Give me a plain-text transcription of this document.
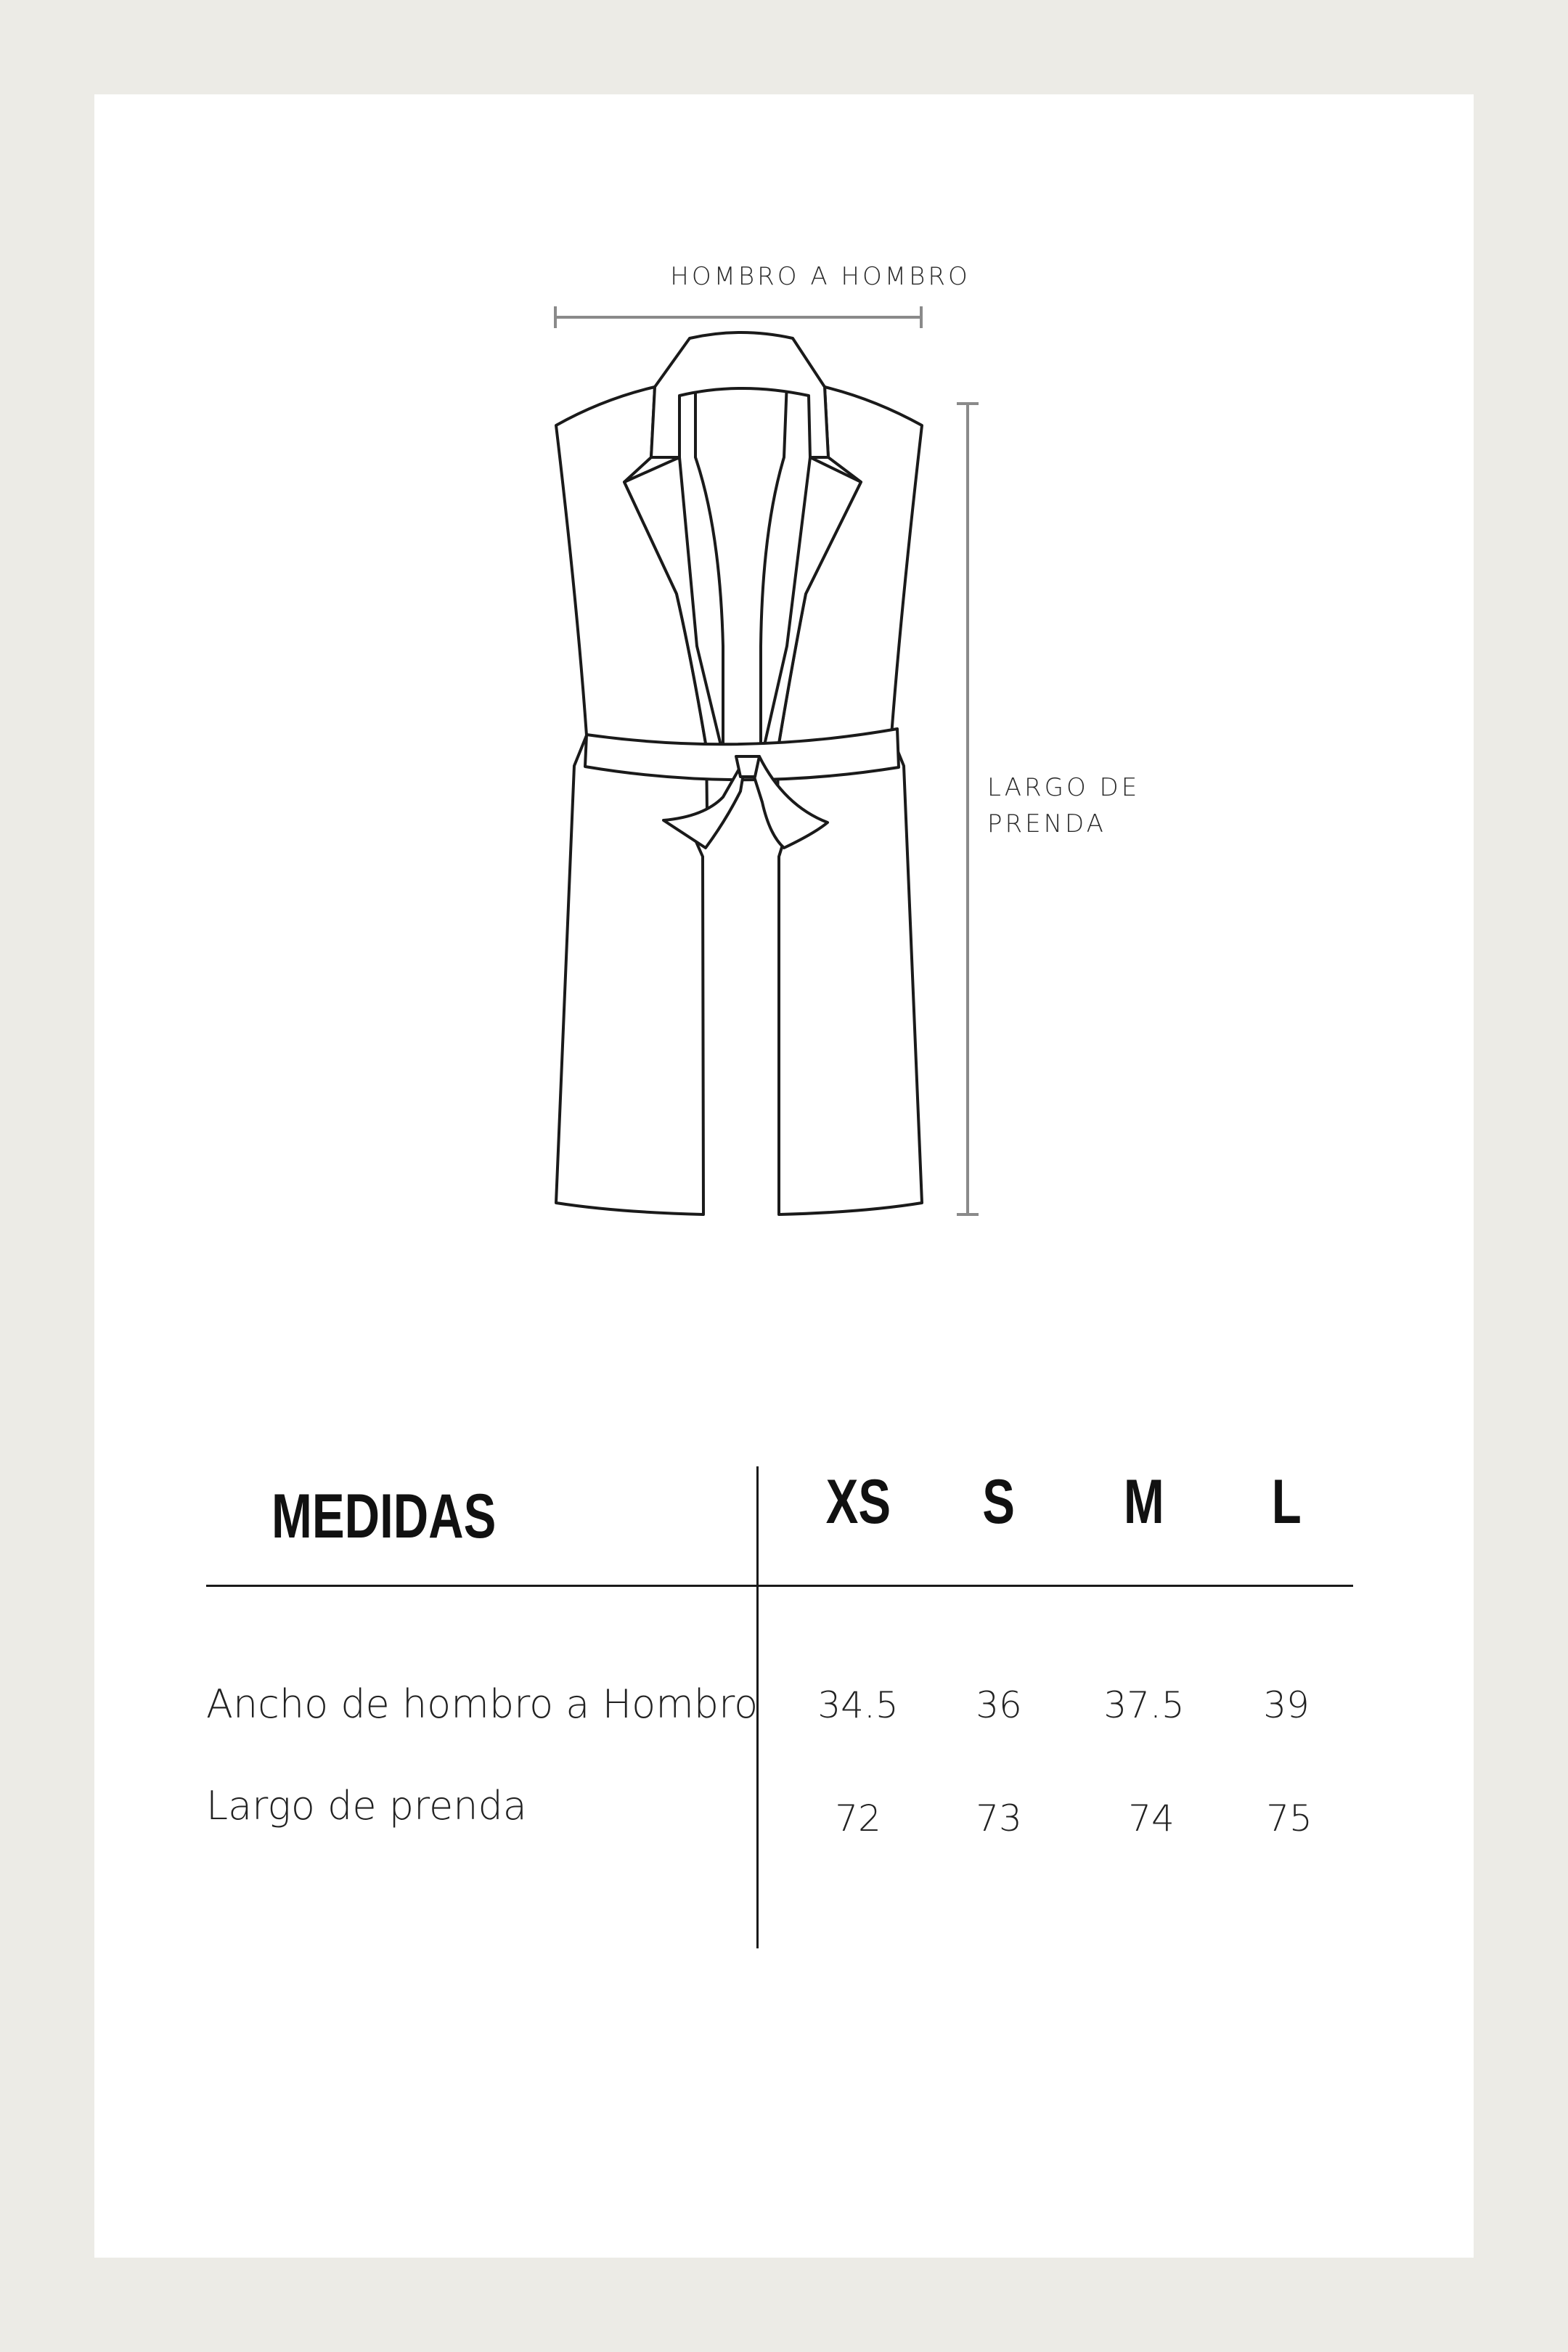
HOMBRO A HOMBRO
LARGO DE
PRENDA
MEDIDAS	XS	S	M	L
Ancho de hombro a Hombro	34.5	36	37.5	39
Largo de prenda	72	73	74	75
